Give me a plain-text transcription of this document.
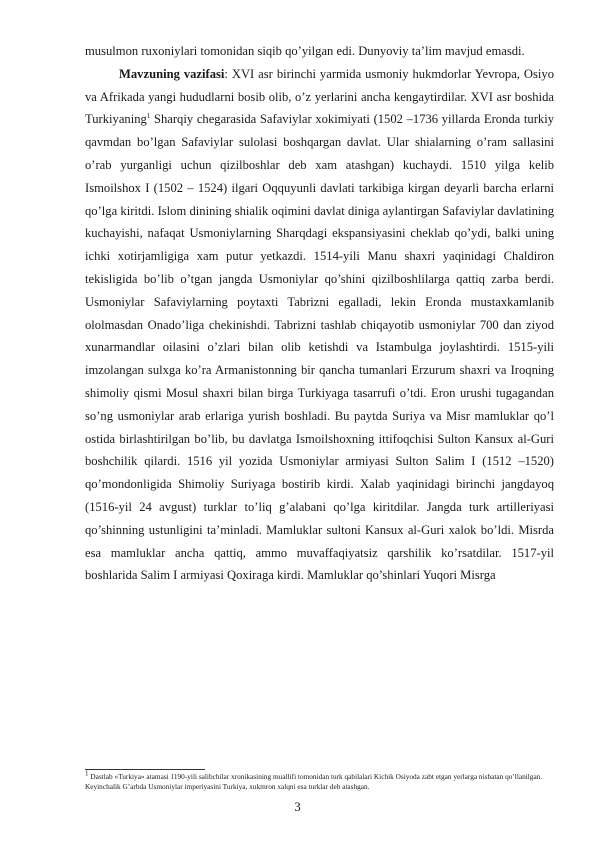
musulmon ruxoniylari tomonidan siqib qo’yilgan edi. Dunyoviy ta’lim mavjud emasdi.

Mavzuning vazifasi: XVI asr birinchi yarmida usmoniy hukmdorlar Yevropa, Osiyo va Afrikada yangi hududlarni bosib olib, o’z yerlarini ancha kengaytirdilar. XVI asr boshida Turkiyaning$^1$ Sharqiy chegarasida Safaviylar xokimiyati (1502 –1736 yillarda Eronda turkiy qavmdan bo’lgan Safaviylar sulolasi boshqargan davlat. Ular shialarning o’ram sallasini o’rab yurganligi uchun qizilboshlar deb xam atashgan) kuchaydi. 1510 yilga kelib Ismoilshox I (1502 – 1524) ilgari Oqquyunli davlati tarkibiga kirgan deyarli barcha erlarni qo’lga kiritdi. Islom dinining shialik oqimini davlat diniga aylantirgan Safaviylar davlatining kuchayishi, nafaqat Usmoniylarning Sharqdagi ekspansiyasini cheklab qo’ydi, balki uning ichki xotirjamligiga xam putur yetkazdi. 1514-yili Manu shaxri yaqinidagi Chaldiron tekisligida bo’lib o’tgan jangda Usmoniylar qo’shini qizilboshlilarga qattiq zarba berdi. Usmoniylar Safaviylarning poytaxti Tabrizni egalladi, lekin Eronda mustaxkamlanib ololmasdan Onado’liga chekinishdi. Tabrizni tashlab chiqayotib usmoniylar 700 dan ziyod xunarmandlar oilasini o’zlari bilan olib ketishdi va Istambulga joylashtirdi. 1515-yili imzolangan sulxga ko’ra Armanistonning bir qancha tumanlari Erzurum shaxri va Iroqning shimoliy qismi Mosul shaxri bilan birga Turkiyaga tasarrufi o’tdi. Eron urushi tugagandan so’ng usmoniylar arab erlariga yurish boshladi. Bu paytda Suriya va Misr mamluklar qo’l ostida birlashtirilgan bo’lib, bu davlatga Ismoilshoxning ittifoqchisi Sulton Kansux al-Guri boshchilik qilardi. 1516 yil yozida Usmoniylar armiyasi Sulton Salim I (1512 –1520) qo’mondonligida Shimoliy Suriyaga bostirib kirdi. Xalab yaqinidagi birinchi jangdayoq (1516-yil 24 avgust) turklar to’liq g’alabani qo’lga kiritdilar. Jangda turk artilleriyasi qo’shinning ustunligini ta’minladi. Mamluklar sultoni Kansux al-Guri xalok bo’ldi. Misrda esa mamluklar ancha qattiq, ammo muvaffaqiyatsiz qarshilik ko’rsatdilar. 1517-yil boshlarida Salim I armiyasi Qoxiraga kirdi. Mamluklar qo’shinlari Yuqori Misrga

$^1$ Dastlab «Turkiya» atamasi 1190-yili salibchilar xronikasining muallifi tomonidan turk qabilalari Kichik Osiyoda zabt etgan yerlarga nisbatan qo’llanilgan. Keyinchalik G’arbda Usmoniylar imperiyasini Turkiya, xukmron xalqni esa turklar deb atashgan.

3
